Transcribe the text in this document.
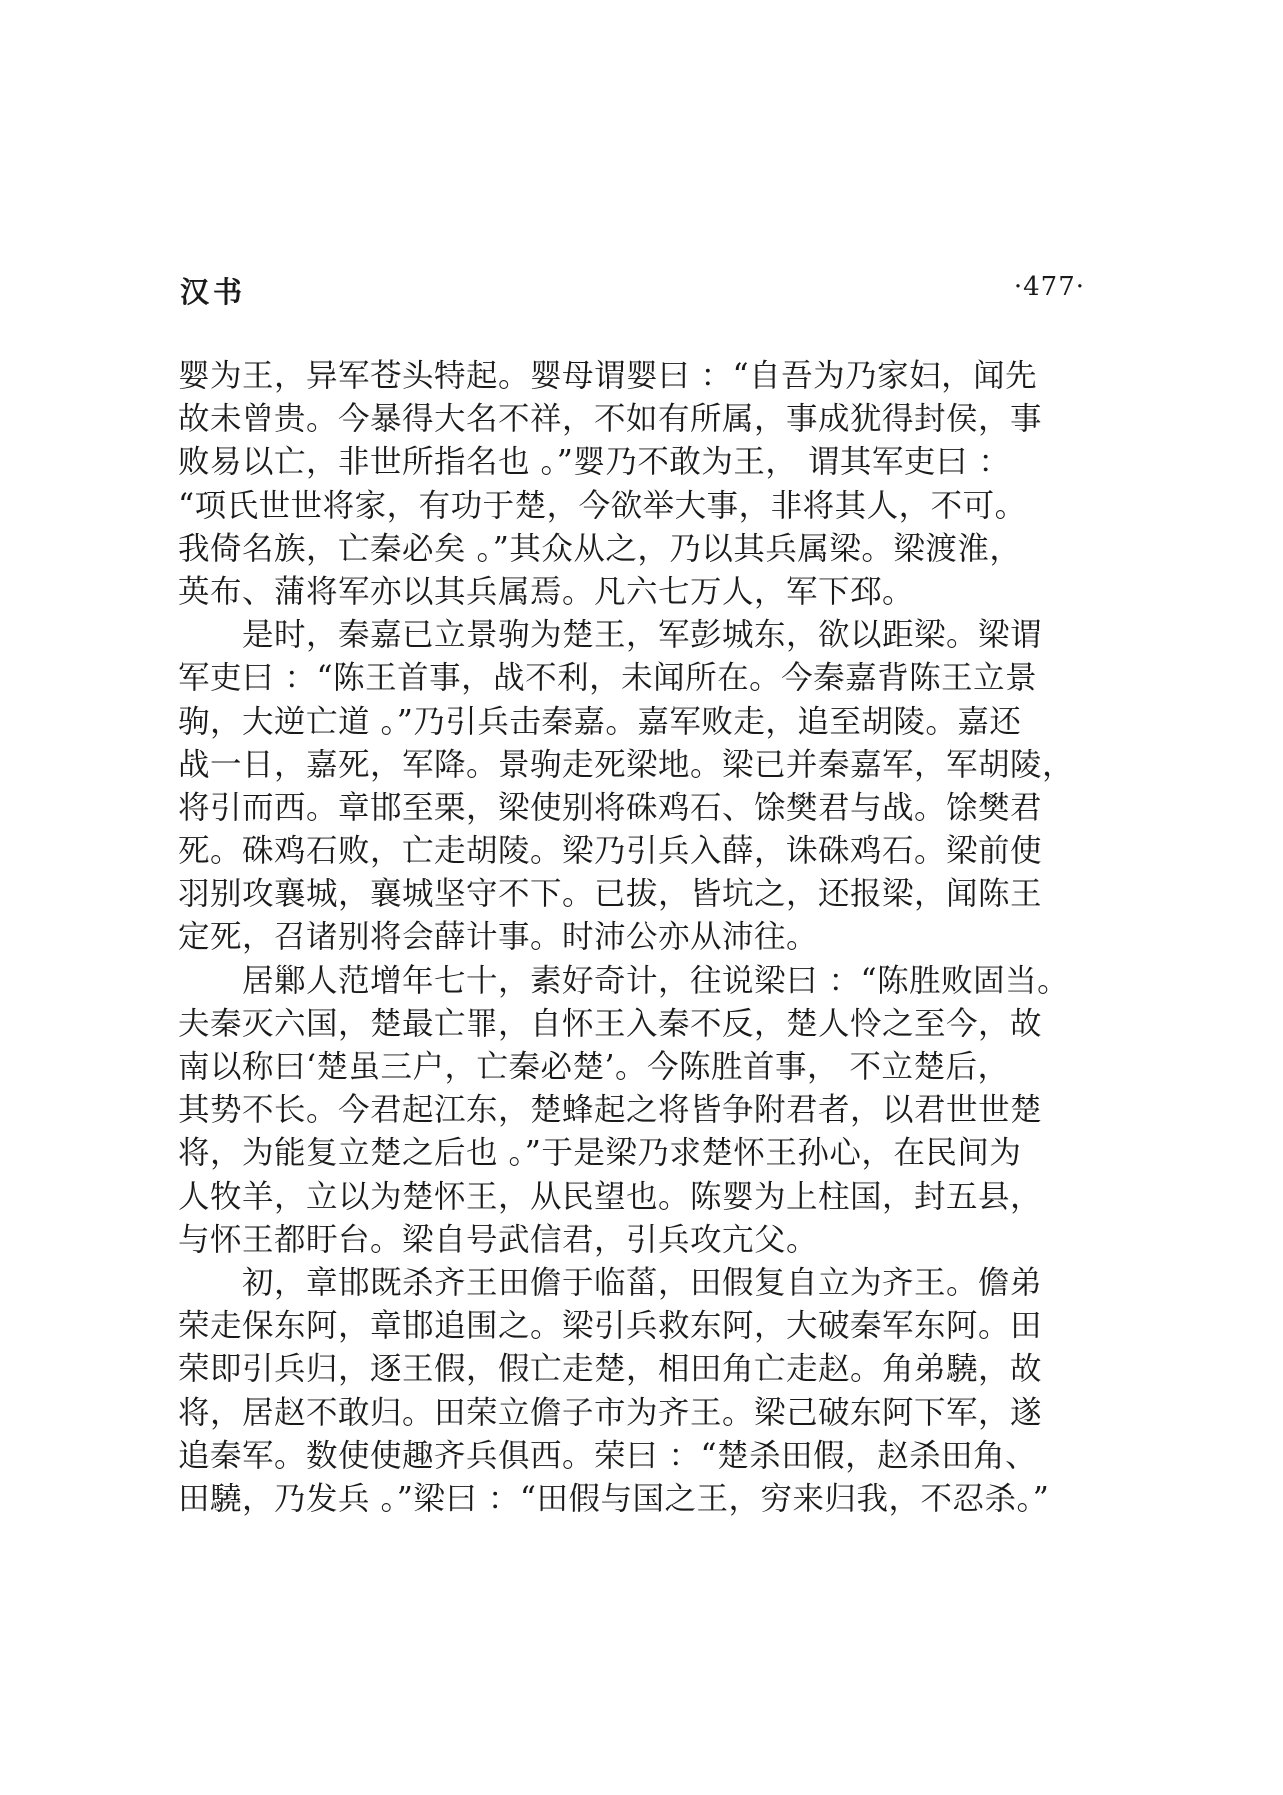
汉书	·477·
婴为王，异军苍头特起。婴母谓婴曰 ：“自吾为乃家妇，闻先
故未曾贵。今暴得大名不祥，不如有所属，事成犹得封侯，事
败易以亡，非世所指名也 。”婴乃不敢为王， 谓其军吏曰 ：
“项氏世世将家，有功于楚，今欲举大事，非将其人，不可。
我倚名族，亡秦必矣 。”其众从之，乃以其兵属梁。梁渡淮，
英布、蒲将军亦以其兵属焉。凡六七万人，军下邳。
　　是时，秦嘉已立景驹为楚王，军彭城东，欲以距梁。梁谓
军吏曰 ：“陈王首事，战不利，未闻所在。今秦嘉背陈王立景
驹，大逆亡道 。”乃引兵击秦嘉。嘉军败走，追至胡陵。嘉还
战一日，嘉死，军降。景驹走死梁地。梁已并秦嘉军，军胡陵，
将引而西。章邯至栗，梁使别将硃鸡石、馀樊君与战。馀樊君
死。硃鸡石败，亡走胡陵。梁乃引兵入薛，诛硃鸡石。梁前使
羽别攻襄城，襄城坚守不下。已拔，皆坑之，还报梁，闻陈王
定死，召诸别将会薛计事。时沛公亦从沛往。
　　居鄛人范增年七十，素好奇计，往说梁曰 ：“陈胜败固当。
夫秦灭六国，楚最亡罪，自怀王入秦不反，楚人怜之至今，故
南以称曰‘楚虽三户，亡秦必楚’。今陈胜首事， 不立楚后，
其势不长。今君起江东，楚蜂起之将皆争附君者，以君世世楚
将，为能复立楚之后也 。”于是梁乃求楚怀王孙心，在民间为
人牧羊，立以为楚怀王，从民望也。陈婴为上柱国，封五县，
与怀王都盱台。梁自号武信君，引兵攻亢父。
　　初，章邯既杀齐王田儋于临菑，田假复自立为齐王。儋弟
荣走保东阿，章邯追围之。梁引兵救东阿，大破秦军东阿。田
荣即引兵归，逐王假，假亡走楚，相田角亡走赵。角弟驍，故
将，居赵不敢归。田荣立儋子市为齐王。梁己破东阿下军，遂
追秦军。数使使趣齐兵俱西。荣曰 ：“楚杀田假，赵杀田角、
田驍，乃发兵 。”梁曰 ：“田假与国之王，穷来归我，不忍杀。”
